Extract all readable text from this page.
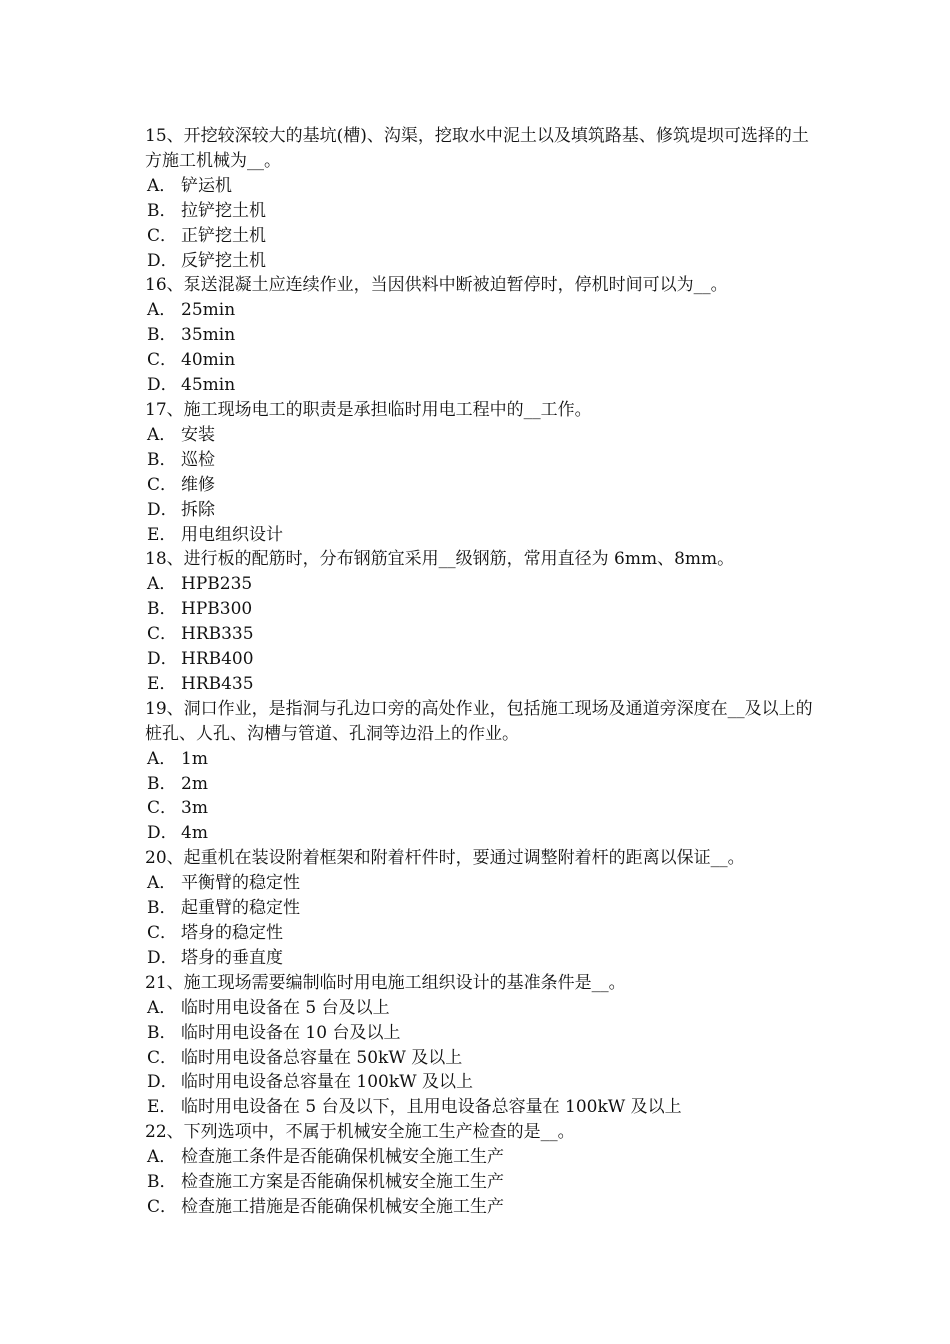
15、开挖较深较大的基坑(槽)、沟渠，挖取水中泥土以及填筑路基、修筑堤坝可选择的土方施工机械为__。

A． 铲运机

B． 拉铲挖土机

C． 正铲挖土机

D． 反铲挖土机

16、泵送混凝土应连续作业，当因供料中断被迫暂停时，停机时间可以为__。

A． 25min

B． 35min

C． 40min

D． 45min

17、施工现场电工的职责是承担临时用电工程中的__工作。

A． 安装

B． 巡检

C． 维修

D． 拆除

E． 用电组织设计

18、进行板的配筋时，分布钢筋宜采用__级钢筋，常用直径为 6mm、8mm。

A． HPB235

B． HPB300

C． HRB335

D． HRB400

E． HRB435

19、洞口作业，是指洞与孔边口旁的高处作业，包括施工现场及通道旁深度在__及以上的桩孔、人孔、沟槽与管道、孔洞等边沿上的作业。

A． 1m

B． 2m

C． 3m

D． 4m

20、起重机在装设附着框架和附着杆件时，要通过调整附着杆的距离以保证__。

A． 平衡臂的稳定性

B． 起重臂的稳定性

C． 塔身的稳定性

D． 塔身的垂直度

21、施工现场需要编制临时用电施工组织设计的基准条件是__。

A． 临时用电设备在 5 台及以上

B． 临时用电设备在 10 台及以上

C． 临时用电设备总容量在 50kW 及以上

D． 临时用电设备总容量在 100kW 及以上

E． 临时用电设备在 5 台及以下，且用电设备总容量在 100kW 及以上

22、下列选项中，不属于机械安全施工生产检查的是__。

A． 检查施工条件是否能确保机械安全施工生产

B． 检查施工方案是否能确保机械安全施工生产

C． 检查施工措施是否能确保机械安全施工生产
